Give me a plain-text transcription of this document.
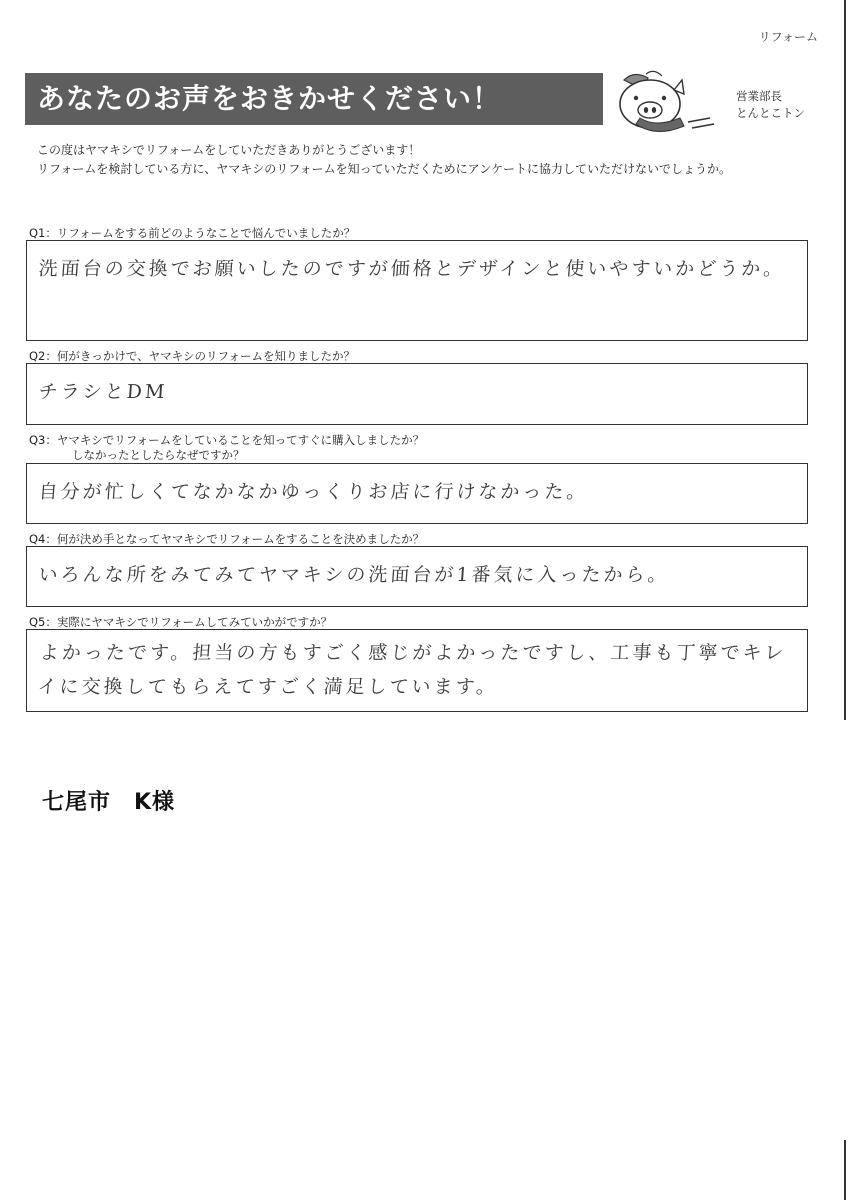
リフォーム
あなたのお声をおきかせください！	営業部長
とんとこトン
この度はヤマキシでリフォームをしていただきありがとうございます！
リフォームを検討している方に、ヤマキシのリフォームを知っていただくためにアンケートに協力していただけないでしょうか。
Q1：リフォームをする前どのようなことで悩んでいましたか？
洗面台の交換でお願いしたのですが価格とデザインと使いやすいかどうか。
Q2：何がきっかけで、ヤマキシのリフォームを知りましたか？
チラシとDM
Q3：ヤマキシでリフォームをしていることを知ってすぐに購入しましたか？
しなかったとしたらなぜですか？
自分が忙しくてなかなかゆっくりお店に行けなかった。
Q4：何が決め手となってヤマキシでリフォームをすることを決めましたか？
いろんな所をみてみてヤマキシの洗面台が1番気に入ったから。
Q5：実際にヤマキシでリフォームしてみていかがですか？
よかったです。担当の方もすごく感じがよかったですし、工事も丁寧でキレイに交換してもらえてすごく満足しています。
七尾市　K様
